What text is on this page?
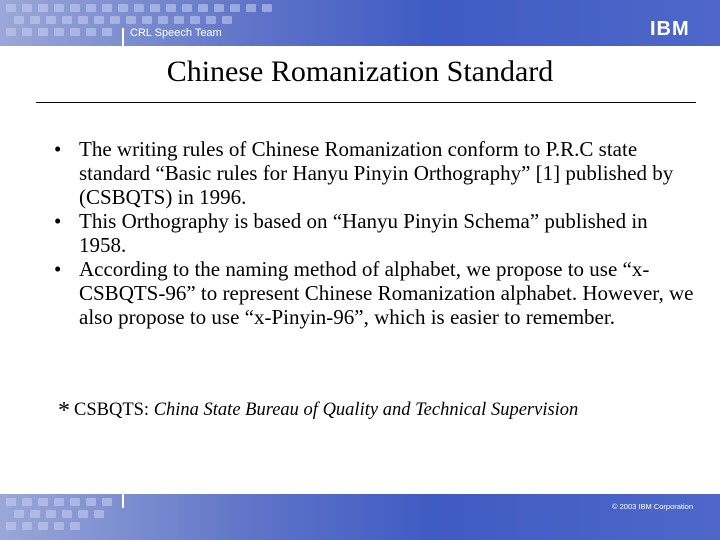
CRL Speech Team	IBM
Chinese Romanization Standard
• The writing rules of Chinese Romanization conform to P.R.C state standard “Basic rules for Hanyu Pinyin Orthography” [1] published by (CSBQTS) in 1996.
• This Orthography is based on “Hanyu Pinyin Schema” published in 1958.
• According to the naming method of alphabet, we propose to use “x-CSBQTS-96” to represent Chinese Romanization alphabet. However, we also propose to use “x-Pinyin-96”, which is easier to remember.
* CSBQTS: China State Bureau of Quality and Technical Supervision
© 2003 IBM Corporation
